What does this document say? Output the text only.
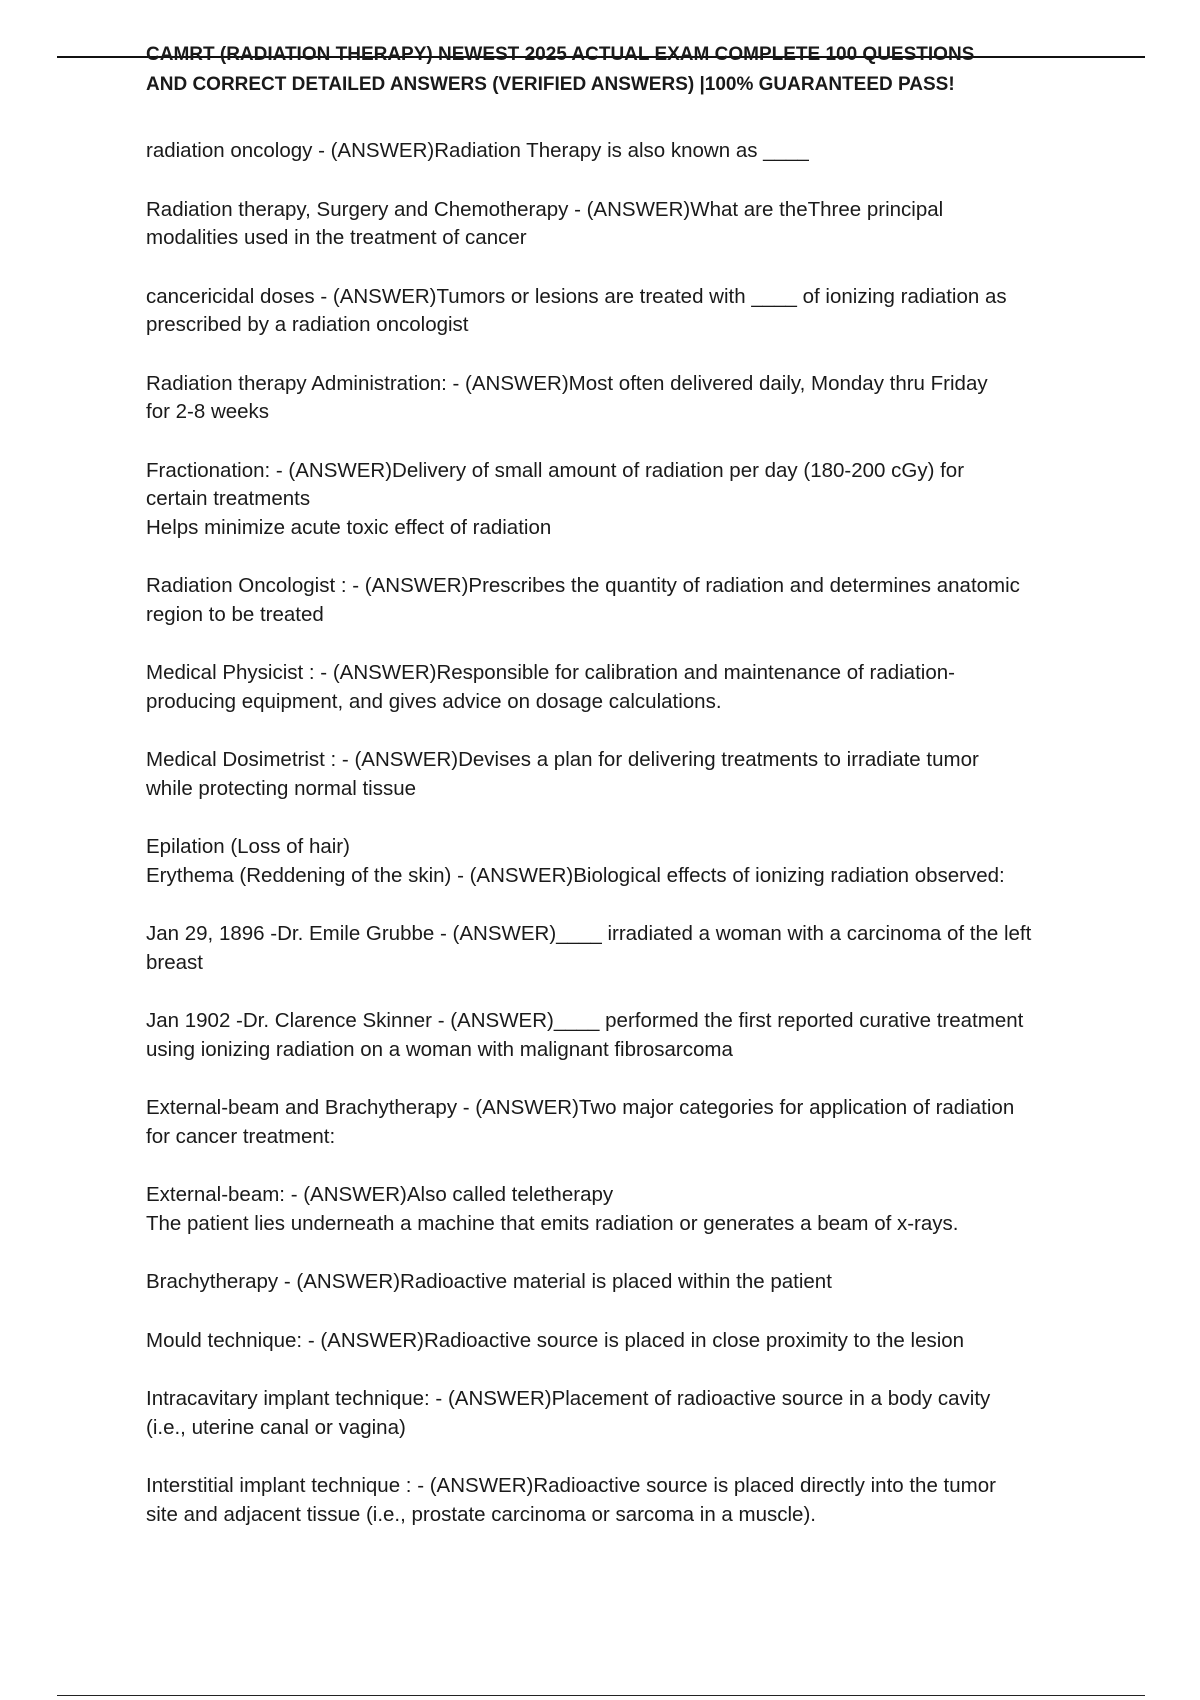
CAMRT (RADIATION THERAPY) NEWEST 2025 ACTUAL EXAM COMPLETE 100 QUESTIONS
AND CORRECT DETAILED ANSWERS (VERIFIED ANSWERS) |100% GUARANTEED PASS!
radiation oncology - (ANSWER)Radiation Therapy is also known as ____
Radiation therapy, Surgery and Chemotherapy - (ANSWER)What are theThree principal
modalities used in the treatment of cancer
cancericidal doses - (ANSWER)Tumors or lesions are treated with ____ of ionizing radiation as
prescribed by a radiation oncologist
Radiation therapy Administration: - (ANSWER)Most often delivered daily, Monday thru Friday
for 2-8 weeks
Fractionation: - (ANSWER)Delivery of small amount of radiation per day (180-200 cGy) for
certain treatments
Helps minimize acute toxic effect of radiation
Radiation Oncologist : - (ANSWER)Prescribes the quantity of radiation and determines anatomic
region to be treated
Medical Physicist : - (ANSWER)Responsible for calibration and maintenance of radiation-
producing equipment, and gives advice on dosage calculations.
Medical Dosimetrist : - (ANSWER)Devises a plan for delivering treatments to irradiate tumor
while protecting normal tissue
Epilation (Loss of hair)
Erythema (Reddening of the skin) - (ANSWER)Biological effects of ionizing radiation observed:
Jan 29, 1896 -Dr. Emile Grubbe - (ANSWER)____ irradiated a woman with a carcinoma of the left
breast
Jan 1902 -Dr. Clarence Skinner - (ANSWER)____ performed the first reported curative treatment
using ionizing radiation on a woman with malignant fibrosarcoma
External-beam and Brachytherapy - (ANSWER)Two major categories for application of radiation
for cancer treatment:
External-beam: - (ANSWER)Also called teletherapy
The patient lies underneath a machine that emits radiation or generates a beam of x-rays.
Brachytherapy - (ANSWER)Radioactive material is placed within the patient
Mould technique: - (ANSWER)Radioactive source is placed in close proximity to the lesion
Intracavitary implant technique: - (ANSWER)Placement of radioactive source in a body cavity
(i.e., uterine canal or vagina)
Interstitial implant technique : - (ANSWER)Radioactive source is placed directly into the tumor
site and adjacent tissue (i.e., prostate carcinoma or sarcoma in a muscle).
